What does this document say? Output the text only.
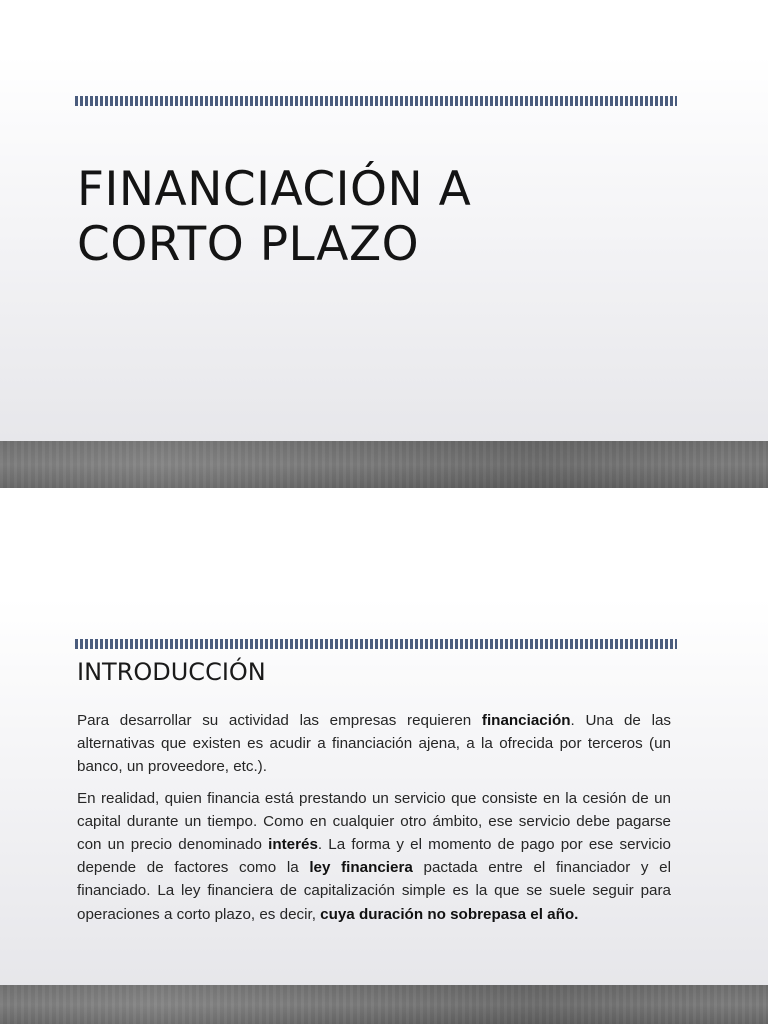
FINANCIACIÓN A
CORTO PLAZO
INTRODUCCIÓN

Para desarrollar su actividad las empresas requieren financiación. Una de las alternativas que existen es acudir a financiación ajena, a la ofrecida por terceros (un banco, un proveedore, etc.).

En realidad, quien financia está prestando un servicio que consiste en la cesión de un capital durante un tiempo. Como en cualquier otro ámbito, ese servicio debe pagarse con un precio denominado interés. La forma y el momento de pago por ese servicio depende de factores como la ley financiera pactada entre el financiador y el financiado. La ley financiera de capitalización simple es la que se suele seguir para operaciones a corto plazo, es decir, cuya duración no sobrepasa el año.
